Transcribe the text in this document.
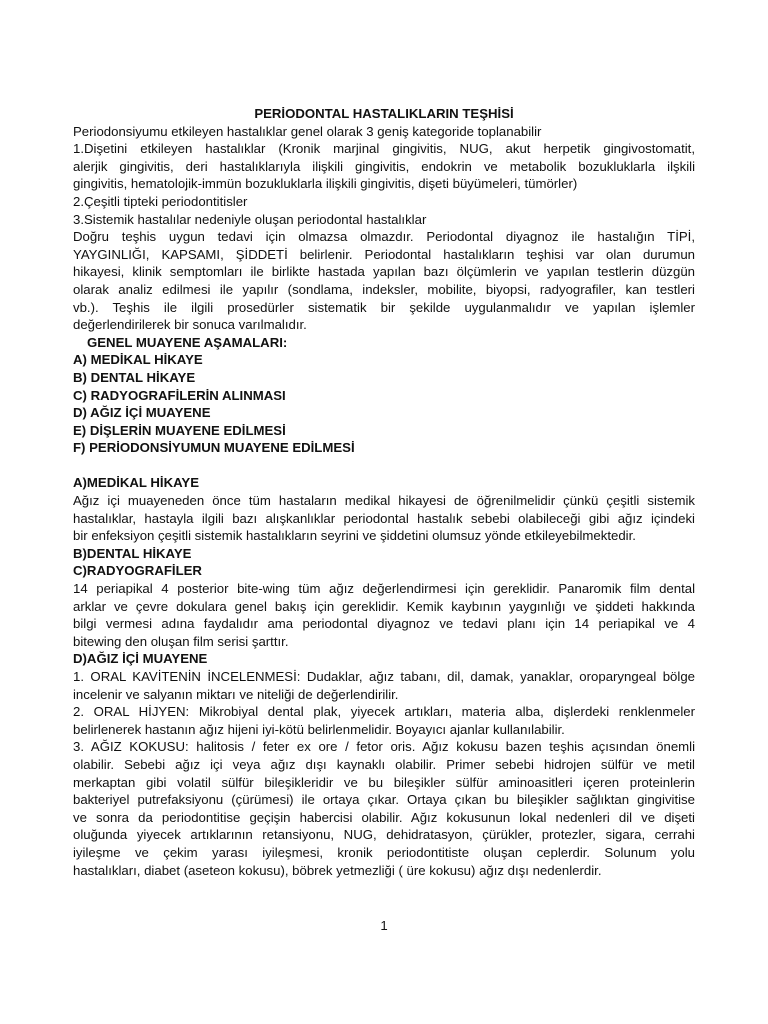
PERİODONTAL HASTALIKLARIN TEŞHİSİ
Periodonsiyumu etkileyen hastalıklar genel olarak 3 geniş kategoride toplanabilir
1.Dişetini etkileyen hastalıklar (Kronik marjinal gingivitis, NUG, akut herpetik gingivostomatit,
alerjik gingivitis, deri hastalıklarıyla ilişkili gingivitis, endokrin ve metabolik bozukluklarla ilşkili
gingivitis, hematolojik-immün bozukluklarla ilişkili gingivitis, dişeti büyümeleri, tümörler)
2.Çeşitli tipteki periodontitisler
3.Sistemik hastalılar nedeniyle oluşan periodontal hastalıklar
Doğru teşhis uygun tedavi için olmazsa olmazdır. Periodontal diyagnoz ile hastalığın TİPİ,
YAYGINLIĞI, KAPSAMI, ŞİDDETİ belirlenir. Periodontal hastalıkların teşhisi var olan durumun
hikayesi, klinik semptomları ile birlikte hastada yapılan bazı ölçümlerin ve yapılan testlerin düzgün
olarak analiz edilmesi ile yapılır (sondlama, indeksler, mobilite, biyopsi, radyografiler, kan testleri
vb.). Teşhis ile ilgili prosedürler sistematik bir şekilde uygulanmalıdır ve yapılan işlemler
değerlendirilerek bir sonuca varılmalıdır.
GENEL MUAYENE AŞAMALARI:
A) MEDİKAL HİKAYE
B) DENTAL HİKAYE
C) RADYOGRAFİLERİN ALINMASI
D) AĞIZ İÇİ MUAYENE
E) DİŞLERİN MUAYENE EDİLMESİ
F) PERİODONSİYUMUN MUAYENE EDİLMESİ
A)MEDİKAL HİKAYE
Ağız içi muayeneden önce tüm hastaların medikal hikayesi de öğrenilmelidir çünkü çeşitli sistemik
hastalıklar, hastayla ilgili bazı alışkanlıklar periodontal hastalık sebebi olabileceği gibi ağız içindeki
bir enfeksiyon çeşitli sistemik hastalıkların seyrini ve şiddetini olumsuz yönde etkileyebilmektedir.
B)DENTAL HİKAYE
C)RADYOGRAFİLER
14 periapikal 4 posterior bite-wing tüm ağız değerlendirmesi için gereklidir. Panaromik film dental
arklar ve çevre dokulara genel bakış için gereklidir. Kemik kaybının yaygınlığı ve şiddeti hakkında
bilgi vermesi adına faydalıdır ama periodontal diyagnoz ve tedavi planı için 14 periapikal ve 4
bitewing den oluşan film serisi şarttır.
D)AĞIZ İÇİ MUAYENE
1. ORAL KAVİTENİN İNCELENMESİ: Dudaklar, ağız tabanı, dil, damak, yanaklar, oroparyngeal bölge
incelenir ve salyanın miktarı ve niteliği de değerlendirilir.
2. ORAL HİJYEN: Mikrobiyal dental plak, yiyecek artıkları, materia alba, dişlerdeki renklenmeler
belirlenerek hastanın ağız hijeni iyi-kötü belirlenmelidir. Boyayıcı ajanlar kullanılabilir.
3. AĞIZ KOKUSU: halitosis / feter ex ore / fetor oris. Ağız kokusu bazen teşhis açısından önemli
olabilir. Sebebi ağız içi veya ağız dışı kaynaklı olabilir. Primer sebebi hidrojen sülfür ve metil
merkaptan gibi volatil sülfür bileşikleridir ve bu bileşikler sülfür aminoasitleri içeren proteinlerin
bakteriyel putrefaksiyonu (çürümesi) ile ortaya çıkar. Ortaya çıkan bu bileşikler sağlıktan gingivitise
ve sonra da periodontitise geçişin habercisi olabilir. Ağız kokusunun lokal nedenleri dil ve dişeti
oluğunda yiyecek artıklarının retansiyonu, NUG, dehidratasyon, çürükler, protezler, sigara, cerrahi
iyileşme ve çekim yarası iyileşmesi, kronik periodontitiste oluşan ceplerdir. Solunum yolu
hastalıkları, diabet (aseteon kokusu), böbrek yetmezliği ( üre kokusu) ağız dışı nedenlerdir.
1
